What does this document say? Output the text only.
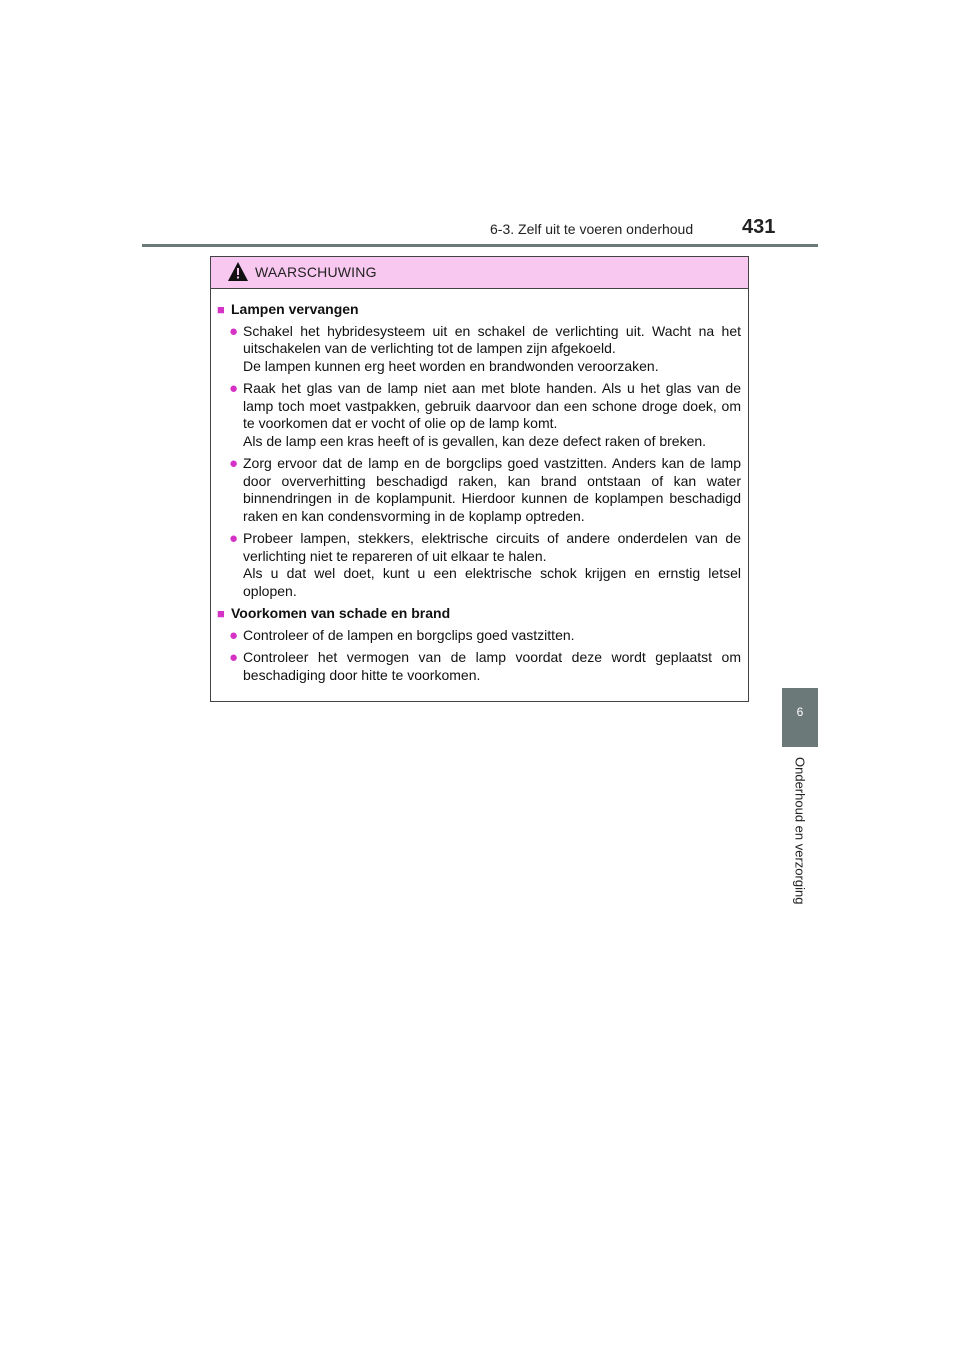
6-3. Zelf uit te voeren onderhoud 431
6
Onderhoud en verzorging
WAARSCHUWING
■ Lampen vervangen
● Schakel het hybridesysteem uit en schakel de verlichting uit. Wacht na het uitschakelen van de verlichting tot de lampen zijn afgekoeld.
De lampen kunnen erg heet worden en brandwonden veroorzaken.
● Raak het glas van de lamp niet aan met blote handen. Als u het glas van de lamp toch moet vastpakken, gebruik daarvoor dan een schone droge doek, om te voorkomen dat er vocht of olie op de lamp komt.
Als de lamp een kras heeft of is gevallen, kan deze defect raken of breken.
● Zorg ervoor dat de lamp en de borgclips goed vastzitten. Anders kan de lamp door oververhitting beschadigd raken, kan brand ontstaan of kan water binnendringen in de koplampunit. Hierdoor kunnen de koplampen beschadigd raken en kan condensvorming in de koplamp optreden.
● Probeer lampen, stekkers, elektrische circuits of andere onderdelen van de verlichting niet te repareren of uit elkaar te halen.
Als u dat wel doet, kunt u een elektrische schok krijgen en ernstig letsel oplopen.
■ Voorkomen van schade en brand
● Controleer of de lampen en borgclips goed vastzitten.
● Controleer het vermogen van de lamp voordat deze wordt geplaatst om beschadiging door hitte te voorkomen.
